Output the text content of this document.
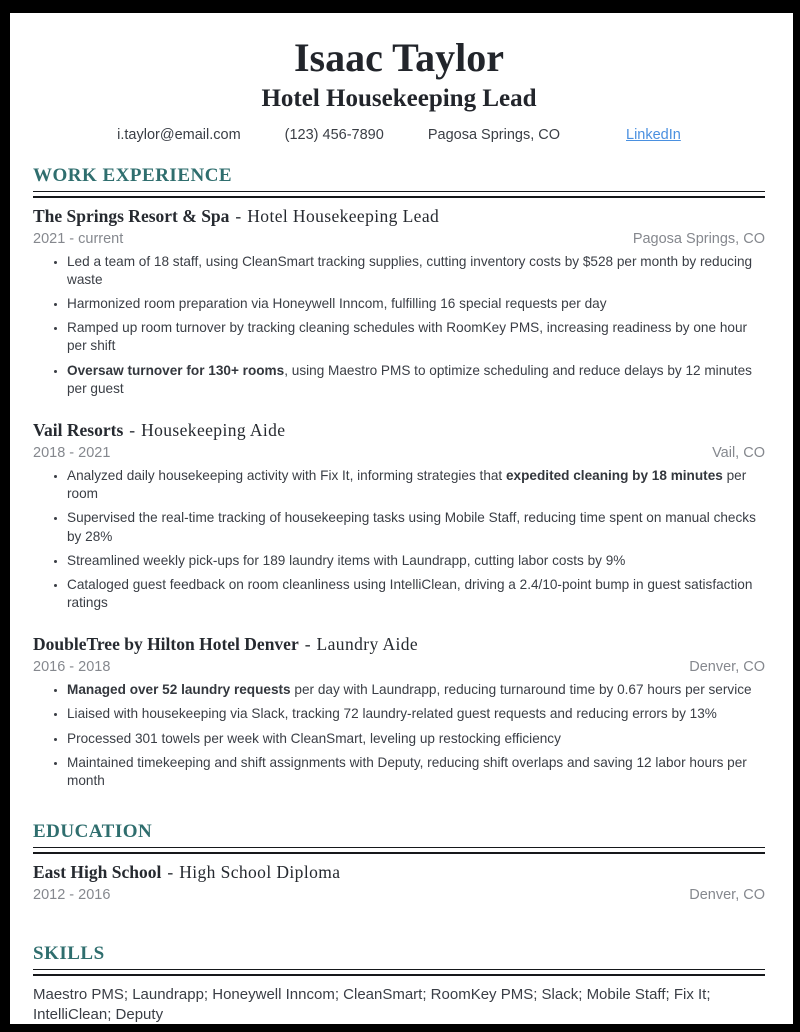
Isaac Taylor
Hotel Housekeeping Lead
i.taylor@email.com	(123) 456-7890	Pagosa Springs, CO	LinkedIn
WORK EXPERIENCE
The Springs Resort & Spa - Hotel Housekeeping Lead
2021 - current	Pagosa Springs, CO
• Led a team of 18 staff, using CleanSmart tracking supplies, cutting inventory costs by $528 per month by reducing waste
• Harmonized room preparation via Honeywell Inncom, fulfilling 16 special requests per day
• Ramped up room turnover by tracking cleaning schedules with RoomKey PMS, increasing readiness by one hour per shift
• Oversaw turnover for 130+ rooms, using Maestro PMS to optimize scheduling and reduce delays by 12 minutes per guest
Vail Resorts - Housekeeping Aide
2018 - 2021	Vail, CO
• Analyzed daily housekeeping activity with Fix It, informing strategies that expedited cleaning by 18 minutes per room
• Supervised the real-time tracking of housekeeping tasks using Mobile Staff, reducing time spent on manual checks by 28%
• Streamlined weekly pick-ups for 189 laundry items with Laundrapp, cutting labor costs by 9%
• Cataloged guest feedback on room cleanliness using IntelliClean, driving a 2.4/10-point bump in guest satisfaction ratings
DoubleTree by Hilton Hotel Denver - Laundry Aide
2016 - 2018	Denver, CO
• Managed over 52 laundry requests per day with Laundrapp, reducing turnaround time by 0.67 hours per service
• Liaised with housekeeping via Slack, tracking 72 laundry-related guest requests and reducing errors by 13%
• Processed 301 towels per week with CleanSmart, leveling up restocking efficiency
• Maintained timekeeping and shift assignments with Deputy, reducing shift overlaps and saving 12 labor hours per month
EDUCATION
East High School - High School Diploma
2012 - 2016	Denver, CO
SKILLS

Maestro PMS; Laundrapp; Honeywell Inncom; CleanSmart; RoomKey PMS; Slack; Mobile Staff; Fix It; IntelliClean; Deputy
